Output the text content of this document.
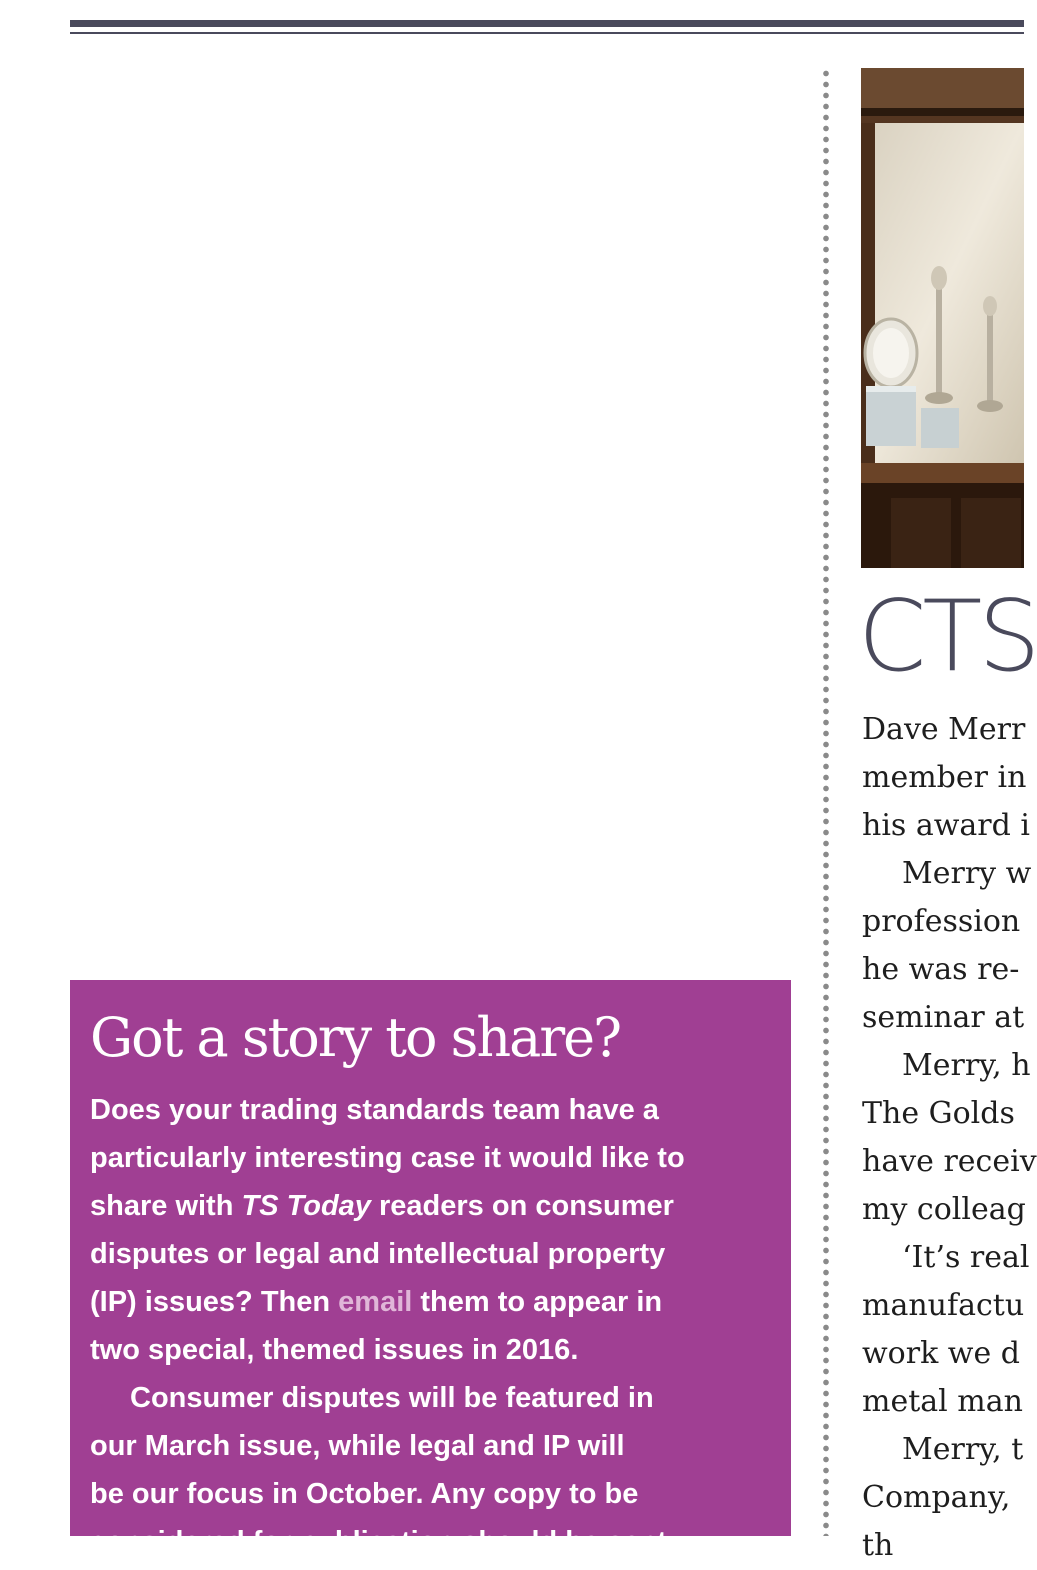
CTS
Dave Merr
member in
his award i
Merry w
profession
he was re-
seminar at
Merry, h
The Golds
have receiv
my colleag
‘It’s real
manufactu
work we d
metal man
Merry, t
Company,
th
Got a story to share?
Does your trading standards team have a
particularly interesting case it would like to
share with TS Today readers on consumer
disputes or legal and intellectual property
(IP) issues? Then email them to appear in
two special, themed issues in 2016.
Consumer disputes will be featured in
our March issue, while legal and IP will
be our focus in October. Any copy to be
considered for publication should be sent
